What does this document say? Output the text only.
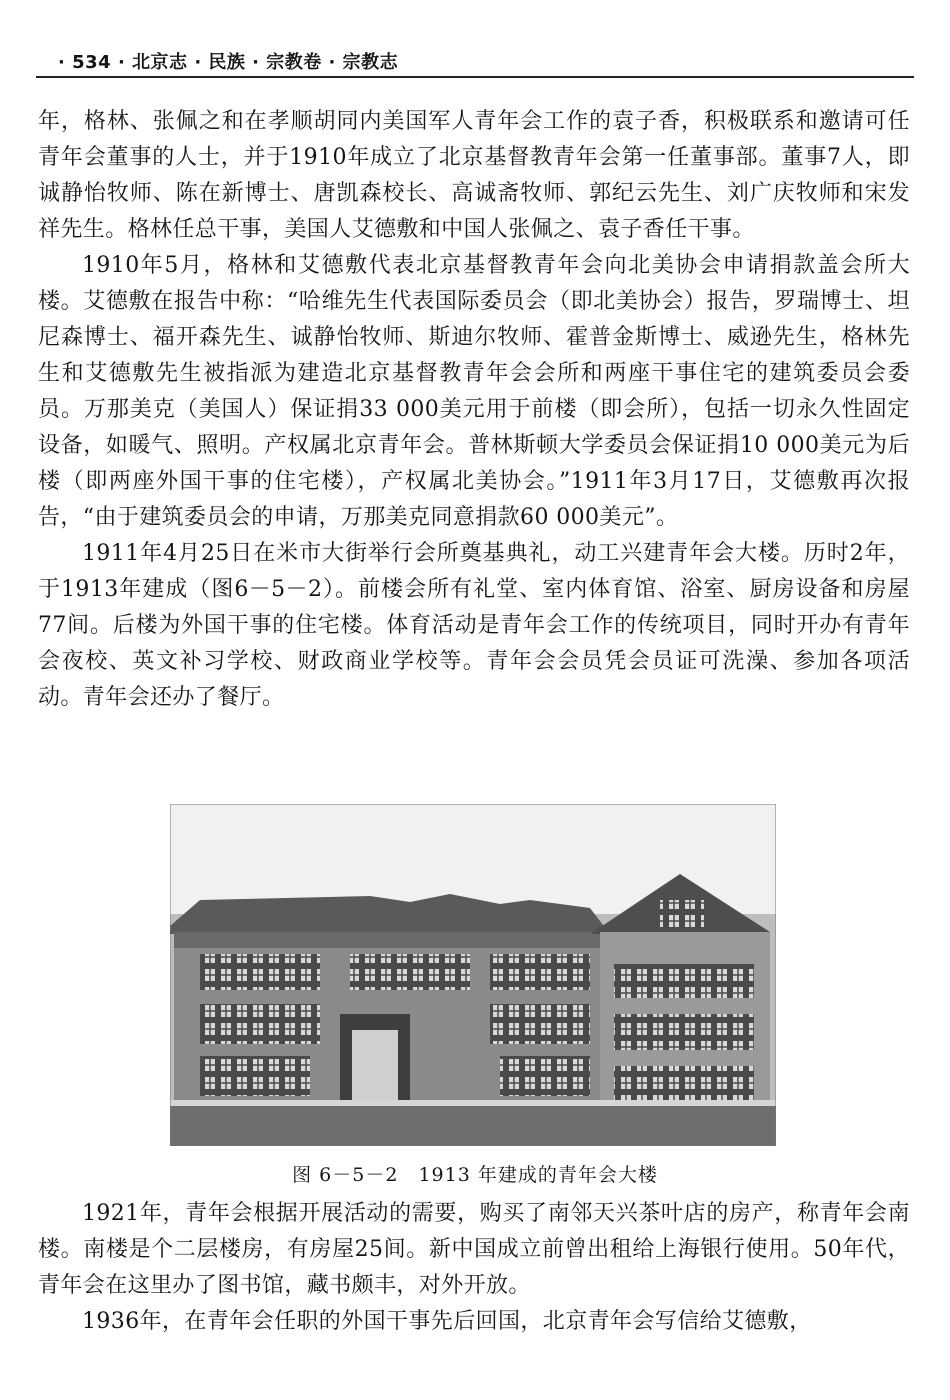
· 534 · 北京志 · 民族 · 宗教卷 · 宗教志

年，格林、张佩之和在孝顺胡同内美国军人青年会工作的袁子香，积极联系和邀请可任青年会董事的人士，并于1910年成立了北京基督教青年会第一任董事部。董事7人，即诚静怡牧师、陈在新博士、唐凯森校长、高诚斋牧师、郭纪云先生、刘广庆牧师和宋发祥先生。格林任总干事，美国人艾德敷和中国人张佩之、袁子香任干事。

1910年5月，格林和艾德敷代表北京基督教青年会向北美协会申请捐款盖会所大楼。艾德敷在报告中称：“哈维先生代表国际委员会（即北美协会）报告，罗瑞博士、坦尼森博士、福开森先生、诚静怡牧师、斯迪尔牧师、霍普金斯博士、威逊先生，格林先生和艾德敷先生被指派为建造北京基督教青年会会所和两座干事住宅的建筑委员会委员。万那美克（美国人）保证捐33 000美元用于前楼（即会所），包括一切永久性固定设备，如暖气、照明。产权属北京青年会。普林斯顿大学委员会保证捐10 000美元为后楼（即两座外国干事的住宅楼），产权属北美协会。”1911年3月17日，艾德敷再次报告，“由于建筑委员会的申请，万那美克同意捐款60 000美元”。

1911年4月25日在米市大街举行会所奠基典礼，动工兴建青年会大楼。历时2年，于1913年建成（图6－5－2）。前楼会所有礼堂、室内体育馆、浴室、厨房设备和房屋77间。后楼为外国干事的住宅楼。体育活动是青年会工作的传统项目，同时开办有青年会夜校、英文补习学校、财政商业学校等。青年会会员凭会员证可洗澡、参加各项活动。青年会还办了餐厅。

图 6－5－2　1913 年建成的青年会大楼

1921年，青年会根据开展活动的需要，购买了南邻天兴茶叶店的房产，称青年会南楼。南楼是个二层楼房，有房屋25间。新中国成立前曾出租给上海银行使用。50年代，青年会在这里办了图书馆，藏书颇丰，对外开放。

1936年，在青年会任职的外国干事先后回国，北京青年会写信给艾德敷，
